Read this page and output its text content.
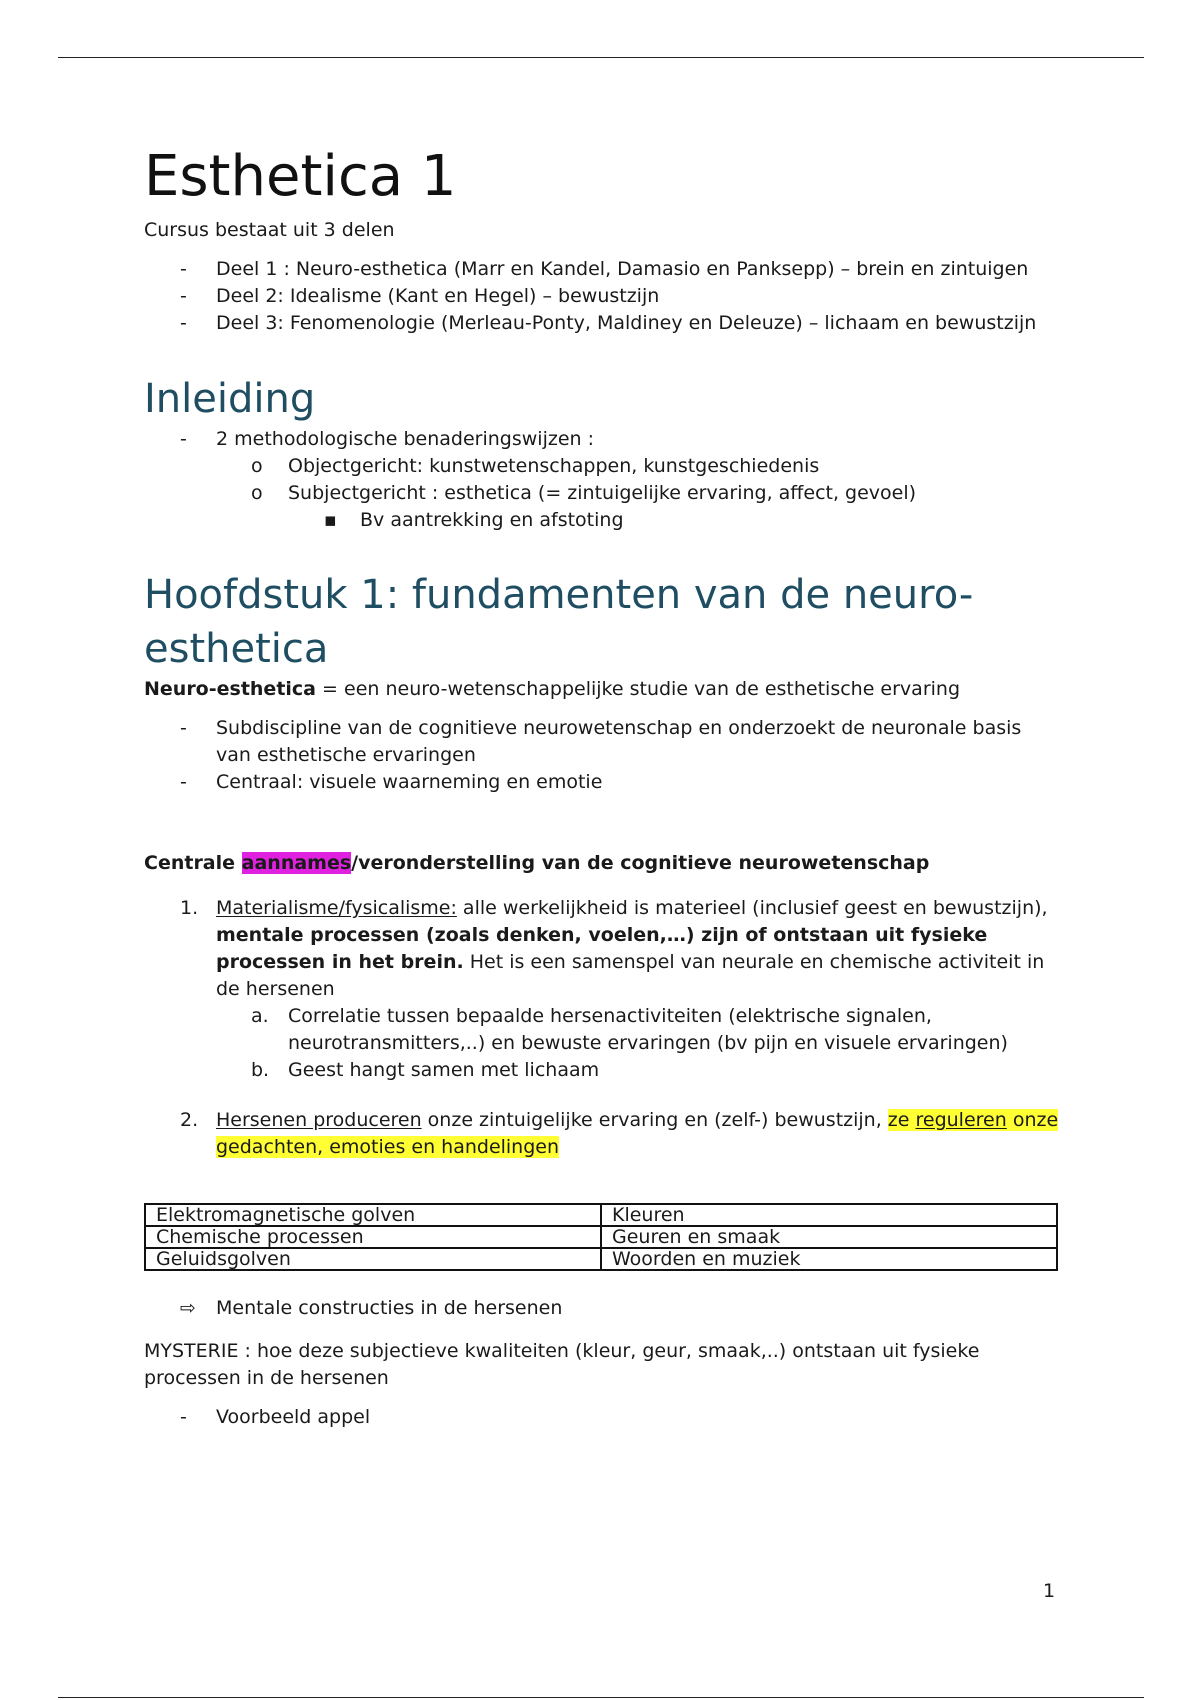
Esthetica 1

Cursus bestaat uit 3 delen

- Deel 1 : Neuro-esthetica (Marr en Kandel, Damasio en Panksepp) – brein en zintuigen
- Deel 2: Idealisme (Kant en Hegel) – bewustzijn
- Deel 3: Fenomenologie (Merleau-Ponty, Maldiney en Deleuze) – lichaam en bewustzijn
Inleiding
- 2 methodologische benaderingswijzen :
o Objectgericht: kunstwetenschappen, kunstgeschiedenis
o Subjectgericht : esthetica (= zintuigelijke ervaring, affect, gevoel)
▪ Bv aantrekking en afstoting
Hoofdstuk 1: fundamenten van de neuro-esthetica

Neuro-esthetica = een neuro-wetenschappelijke studie van de esthetische ervaring

- Subdiscipline van de cognitieve neurowetenschap en onderzoekt de neuronale basis van esthetische ervaringen
- Centraal: visuele waarneming en emotie

Centrale aannames/veronderstelling van de cognitieve neurowetenschap

1. Materialisme/fysicalisme: alle werkelijkheid is materieel (inclusief geest en bewustzijn), mentale processen (zoals denken, voelen,…) zijn of ontstaan uit fysieke processen in het brein. Het is een samenspel van neurale en chemische activiteit in de hersenen
a. Correlatie tussen bepaalde hersenactiviteiten (elektrische signalen, neurotransmitters,..) en bewuste ervaringen (bv pijn en visuele ervaringen)
b. Geest hangt samen met lichaam
2. Hersenen produceren onze zintuigelijke ervaring en (zelf-) bewustzijn, ze reguleren onze gedachten, emoties en handelingen
Elektromagnetische golven	Kleuren
Chemische processen	Geuren en smaak
Geluidsgolven	Woorden en muziek
⇨ Mentale constructies in de hersenen

MYSTERIE : hoe deze subjectieve kwaliteiten (kleur, geur, smaak,..) ontstaan uit fysieke processen in de hersenen

- Voorbeeld appel
1
